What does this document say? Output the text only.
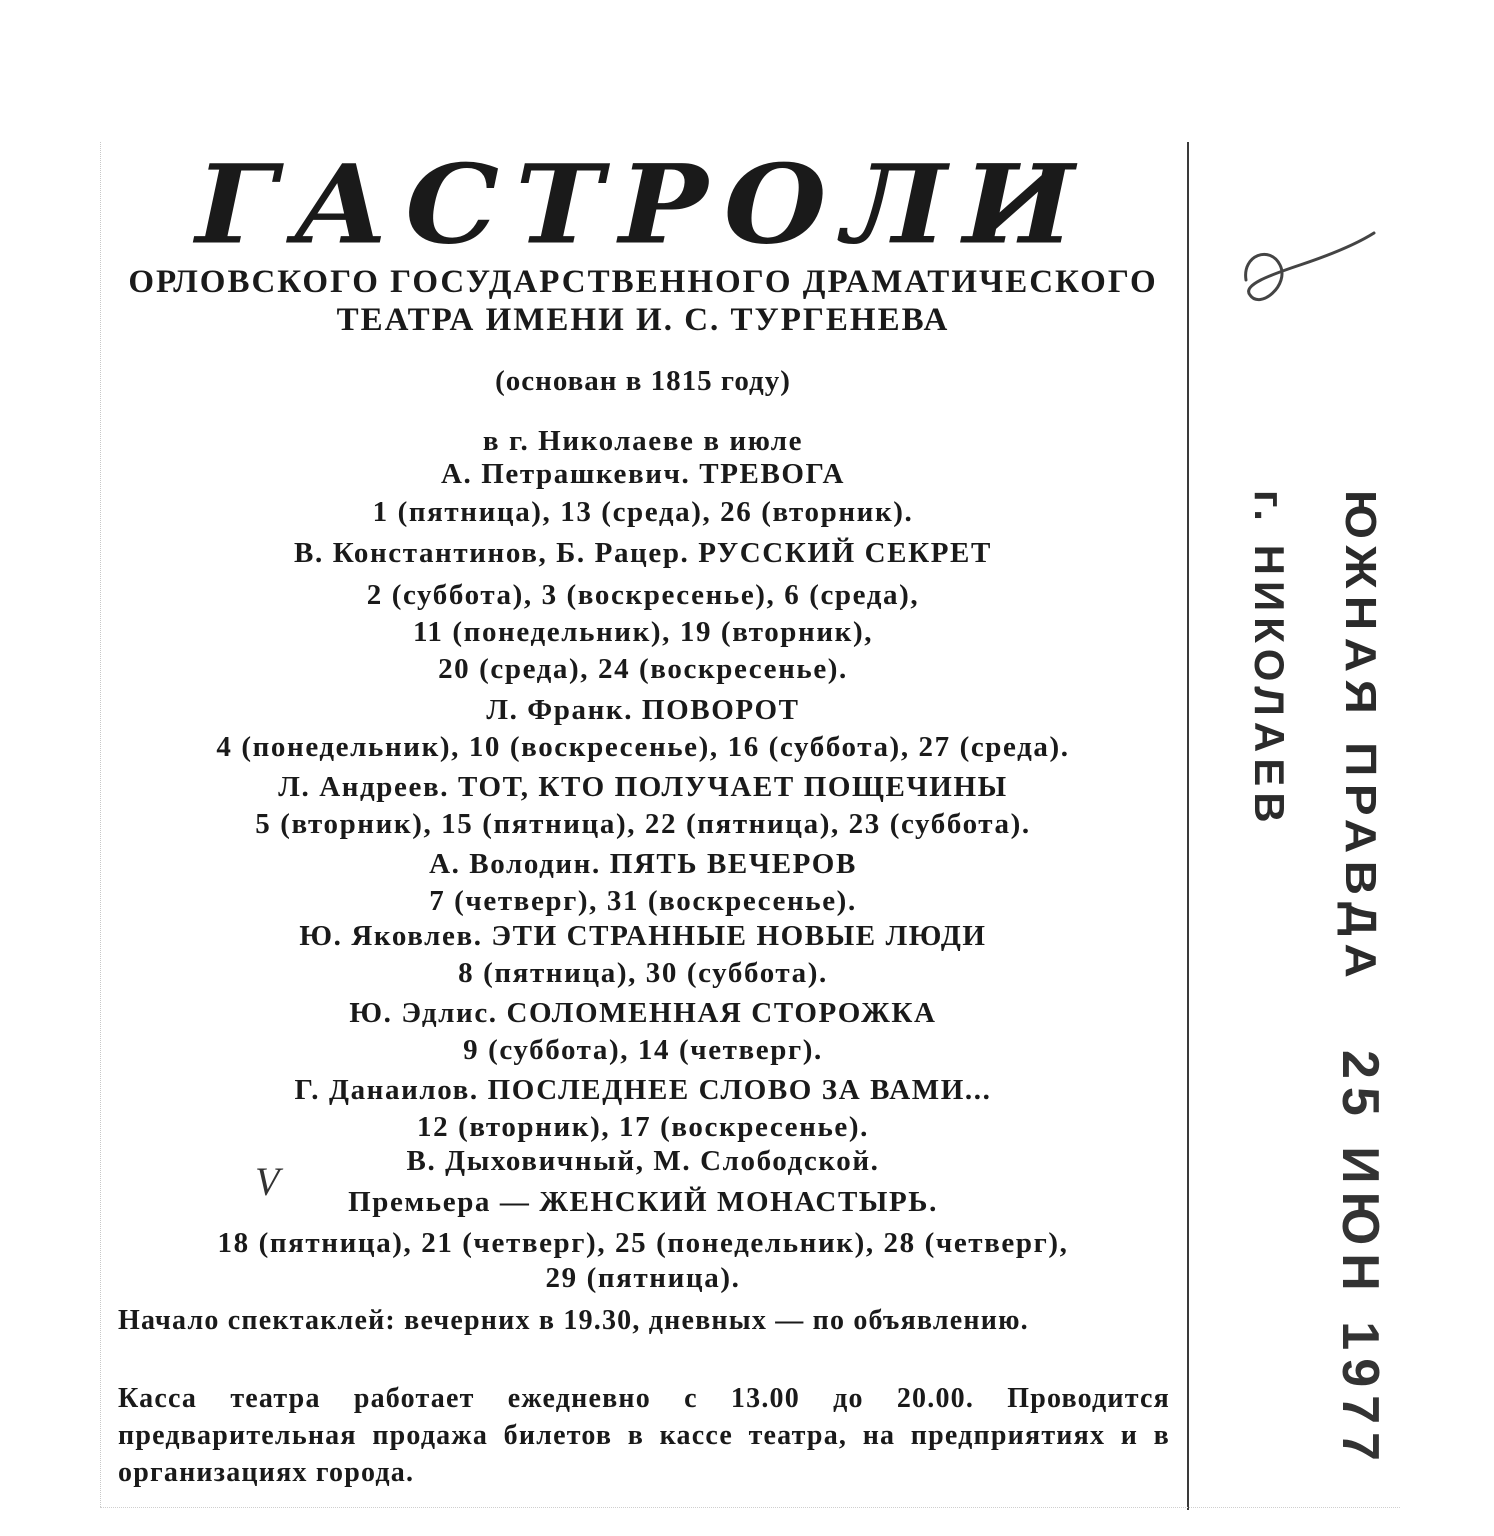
ГАСТРОЛИ
ОРЛОВСКОГО ГОСУДАРСТВЕННОГО ДРАМАТИЧЕСКОГО
ТЕАТРА ИМЕНИ И. С. ТУРГЕНЕВА
(основан в 1815 году)
в г. Николаеве в июле
А. Петрашкевич. ТРЕВОГА
1 (пятница), 13 (среда), 26 (вторник).
В. Константинов, Б. Рацер. РУССКИЙ СЕКРЕТ
2 (суббота), 3 (воскресенье), 6 (среда),
11 (понедельник), 19 (вторник),
20 (среда), 24 (воскресенье).
Л. Франк. ПОВОРОТ
4 (понедельник), 10 (воскресенье), 16 (суббота), 27 (среда).
Л. Андреев. ТОТ, КТО ПОЛУЧАЕТ ПОЩЕЧИНЫ
5 (вторник), 15 (пятница), 22 (пятница), 23 (суббота).
А. Володин. ПЯТЬ ВЕЧЕРОВ
7 (четверг), 31 (воскресенье).
Ю. Яковлев. ЭТИ СТРАННЫЕ НОВЫЕ ЛЮДИ
8 (пятница), 30 (суббота).
Ю. Эдлис. СОЛОМЕННАЯ СТОРОЖКА
9 (суббота), 14 (четверг).
Г. Данаилов. ПОСЛЕДНЕЕ СЛОВО ЗА ВАМИ...
12 (вторник), 17 (воскресенье).
В. Дыховичный, М. Слободской.
Премьера — ЖЕНСКИЙ МОНАСТЫРЬ.
18 (пятница), 21 (четверг), 25 (понедельник), 28 (четверг),
29 (пятница).
Начало спектаклей: вечерних в 19.30, дневных — по объявлению.
Касса театра работает ежедневно с 13.00 до 20.00. Проводится предварительная продажа билетов в кассе театра, на предприятиях и в организациях города.
V
г. НИКОЛАЕВ ЮЖНАЯ ПРАВДА
25 ИЮН 1977
